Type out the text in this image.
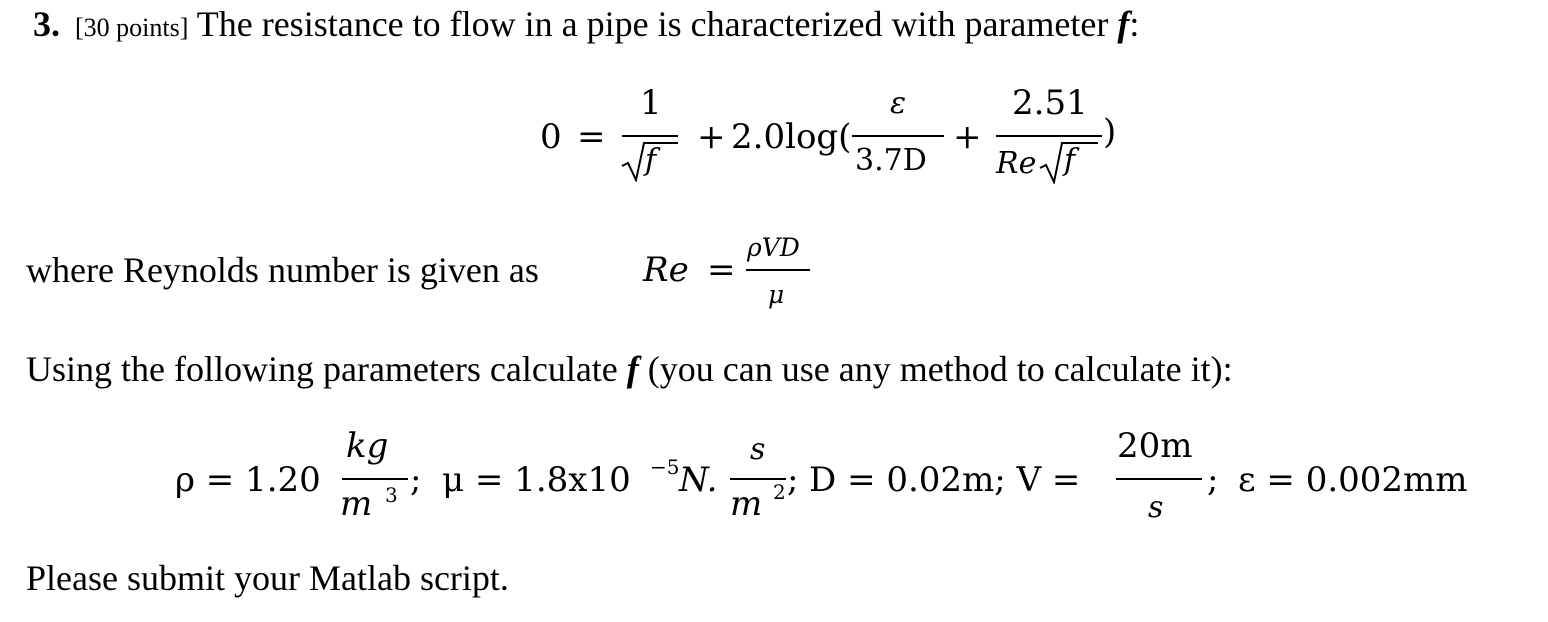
3. [30 points] The resistance to flow in a pipe is characterized with parameter f:
0 =
1
f
+ 2.0log(
ε
3.7D
+
2.51
Re f
)
where Reynolds number is given as	Re =
ρVD
μ
Using the following parameters calculate f (you can use any method to calculate it):
ρ = 1.20
kg
m 3 ; μ = 1.8x10 −5 N.
s
m 2 ; D = 0.02m; V =
20m
s
; ε = 0.002mm
Please submit your Matlab script.
